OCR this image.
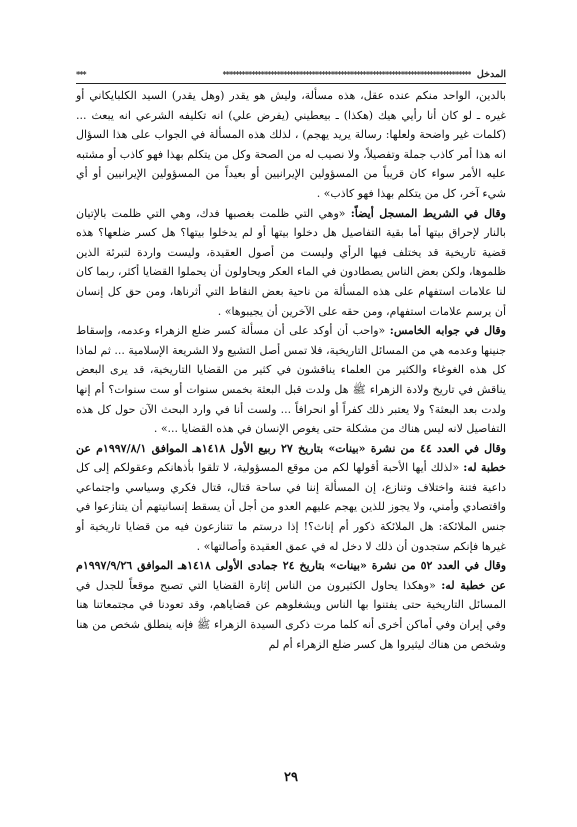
المدخل
******************************************************************************
***

بالدين، الواحد منكم عنده عقل، هذه مسألة، وليش هو يقدر (وهل يقدر) السيد الكلبايكاني أو غيره ـ لو كان أنا رأيي هيك (هكذا) ـ بيعطيني (يفرض علي) انه تكليفه الشرعي انه يبعث ... (كلمات غير واضحة ولعلها: رسالة يريد يهجم) ، لذلك هذه المسألة في الجواب على هذا السؤال انه هذا أمر كاذب جملة وتفصيلاً، ولا نصيب له من الصحة وكل من يتكلم بهذا فهو كاذب أو مشتبه عليه الأمر سواء كان قريباً من المسؤولين الإيرانيين أو بعيداً من المسؤولين الإيرانيين أو أي شيء آخر، كل من يتكلم بهذا فهو كاذب» .

وقال في الشريط المسجل أيضاً: «وهي التي ظلمت بغصبها فدك، وهي التي ظلمت بالإتيان بالنار لإحراق بيتها أما بقية التفاصيل هل دخلوا بيتها أو لم يدخلوا بيتها؟ هل كسر ضلعها؟ هذه قضية تاريخية قد يختلف فيها الرأي وليست من أصول العقيدة، وليست واردة لتبرئة الذين ظلموها، ولكن بعض الناس يصطادون في الماء العكر ويحاولون أن يحملوا القضايا أكثر، ربما كان لنا علامات استفهام على هذه المسألة من ناحية بعض النقاط التي أثرناها، ومن حق كل إنسان أن يرسم علامات استفهام، ومن حقه على الآخرين أن يجيبوها» .

وقال في جوابه الخامس: «واحب أن أوكد على أن مسألة كسر ضلع الزهراء وعدمه، وإسقاط جنينها وعدمه هي من المسائل التاريخية، فلا تمس أصل التشيع ولا الشريعة الإسلامية ... ثم لماذا كل هذه الغوغاء والكثير من العلماء يناقشون في كثير من القضايا التاريخية، قد يرى البعض يناقش في تاريخ ولادة الزهراء ﷺ هل ولدت قبل البعثة بخمس سنوات أو ست سنوات؟ أم إنها ولدت بعد البعثة؟ ولا يعتبر ذلك كفراً أو انحرافاً ... ولست أنا في وارد البحث الآن حول كل هذه التفاصيل لانه ليس هناك من مشكلة حتى يغوص الإنسان في هذه القضايا ...» .

وقال في العدد ٤٤ من نشرة «بينات» بتاريخ ٢٧ ربيع الأول ١٤١٨هـ الموافق ١٩٩٧/٨/١م عن خطبة له: «لذلك أيها الأحبة أقولها لكم من موقع المسؤولية، لا تلقوا بأذهانكم وعقولكم إلى كل داعية فتنة واختلاف وتنازع، إن المسألة إننا في ساحة قتال، قتال فكري وسياسي واجتماعي واقتصادي وأمني، ولا يجوز للذين يهجم عليهم العدو من أجل أن يسقط إنسانيتهم أن يتنازعوا في جنس الملائكة: هل الملائكة ذكور أم إناث؟! إذا درستم ما تتنازعون فيه من قضايا تاريخية أو غيرها فإنكم ستجدون أن ذلك لا دخل له في عمق العقيدة وأصالتها» .

وقال في العدد ٥٢ من نشرة «بينات» بتاريخ ٢٤ جمادى الأولى ١٤١٨هـ الموافق ١٩٩٧/٩/٢٦م عن خطبة له: «وهكذا يحاول الكثيرون من الناس إثارة القضايا التي تصبح موقعاً للجدل في المسائل التاريخية حتى يفتنوا بها الناس ويشغلوهم عن قضاياهم، وقد تعودنا في مجتمعاتنا هنا وفي إيران وفي أماكن أخرى أنه كلما مرت ذكرى السيدة الزهراء ﷺ فإنه ينطلق شخص من هنا وشخص من هناك ليثيروا هل كسر ضلع الزهراء أم لم

٢٩
